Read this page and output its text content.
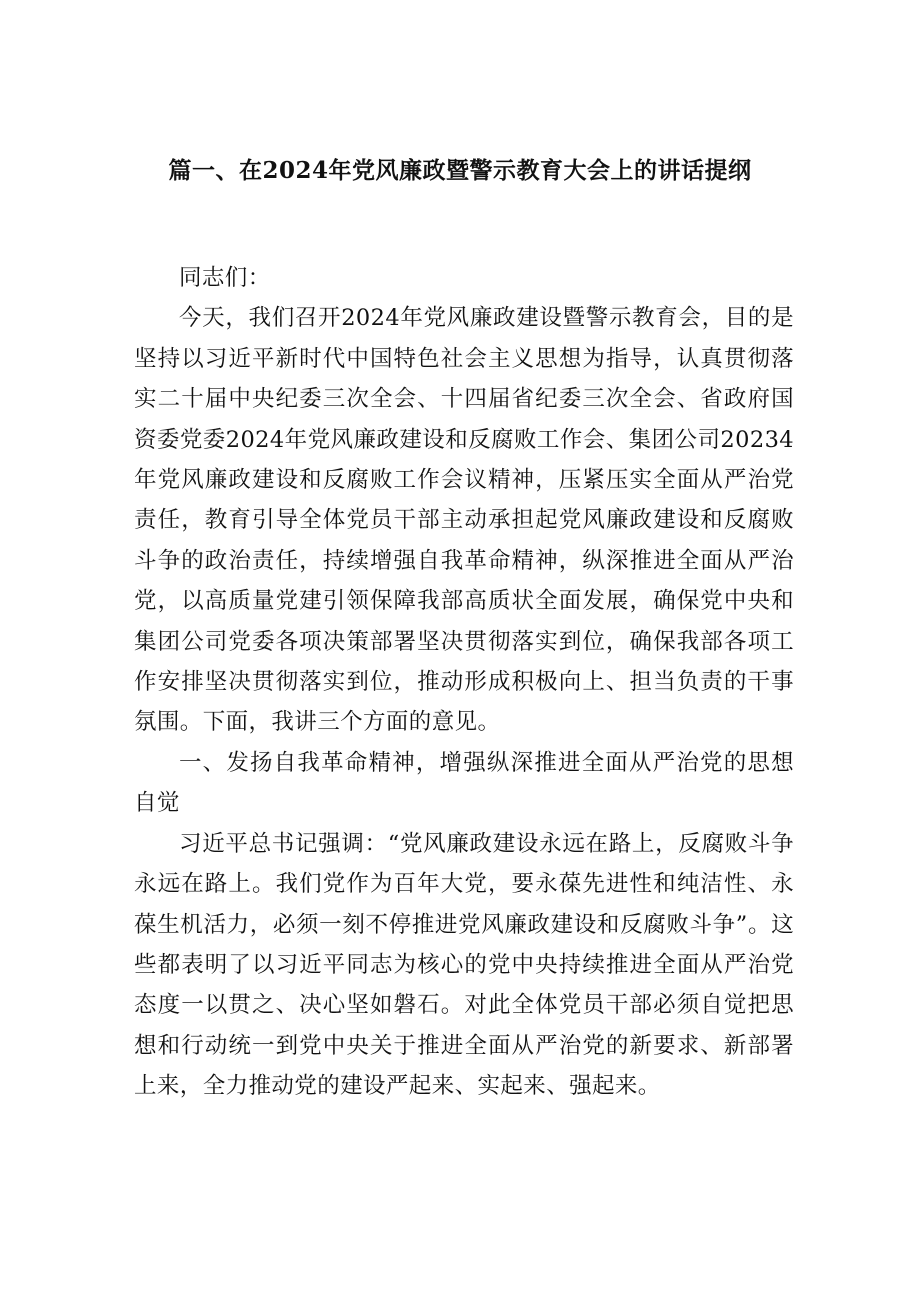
篇一、在2024年党风廉政暨警示教育大会上的讲话提纲

同志们：

今天，我们召开2024年党风廉政建设暨警示教育会，目的是坚持以习近平新时代中国特色社会主义思想为指导，认真贯彻落实二十届中央纪委三次全会、十四届省纪委三次全会、省政府国资委党委2024年党风廉政建设和反腐败工作会、集团公司20234年党风廉政建设和反腐败工作会议精神，压紧压实全面从严治党责任，教育引导全体党员干部主动承担起党风廉政建设和反腐败斗争的政治责任，持续增强自我革命精神，纵深推进全面从严治党，以高质量党建引领保障我部高质状全面发展，确保党中央和集团公司党委各项决策部署坚决贯彻落实到位，确保我部各项工作安排坚决贯彻落实到位，推动形成积极向上、担当负责的干事氛围。下面，我讲三个方面的意见。

一、发扬自我革命精神，增强纵深推进全面从严治党的思想自觉

习近平总书记强调：“党风廉政建设永远在路上，反腐败斗争永远在路上。我们党作为百年大党，要永葆先进性和纯洁性、永葆生机活力，必须一刻不停推进党风廉政建设和反腐败斗争”。这些都表明了以习近平同志为核心的党中央持续推进全面从严治党态度一以贯之、决心坚如磐石。对此全体党员干部必须自觉把思想和行动统一到党中央关于推进全面从严治党的新要求、新部署上来，全力推动党的建设严起来、实起来、强起来。
